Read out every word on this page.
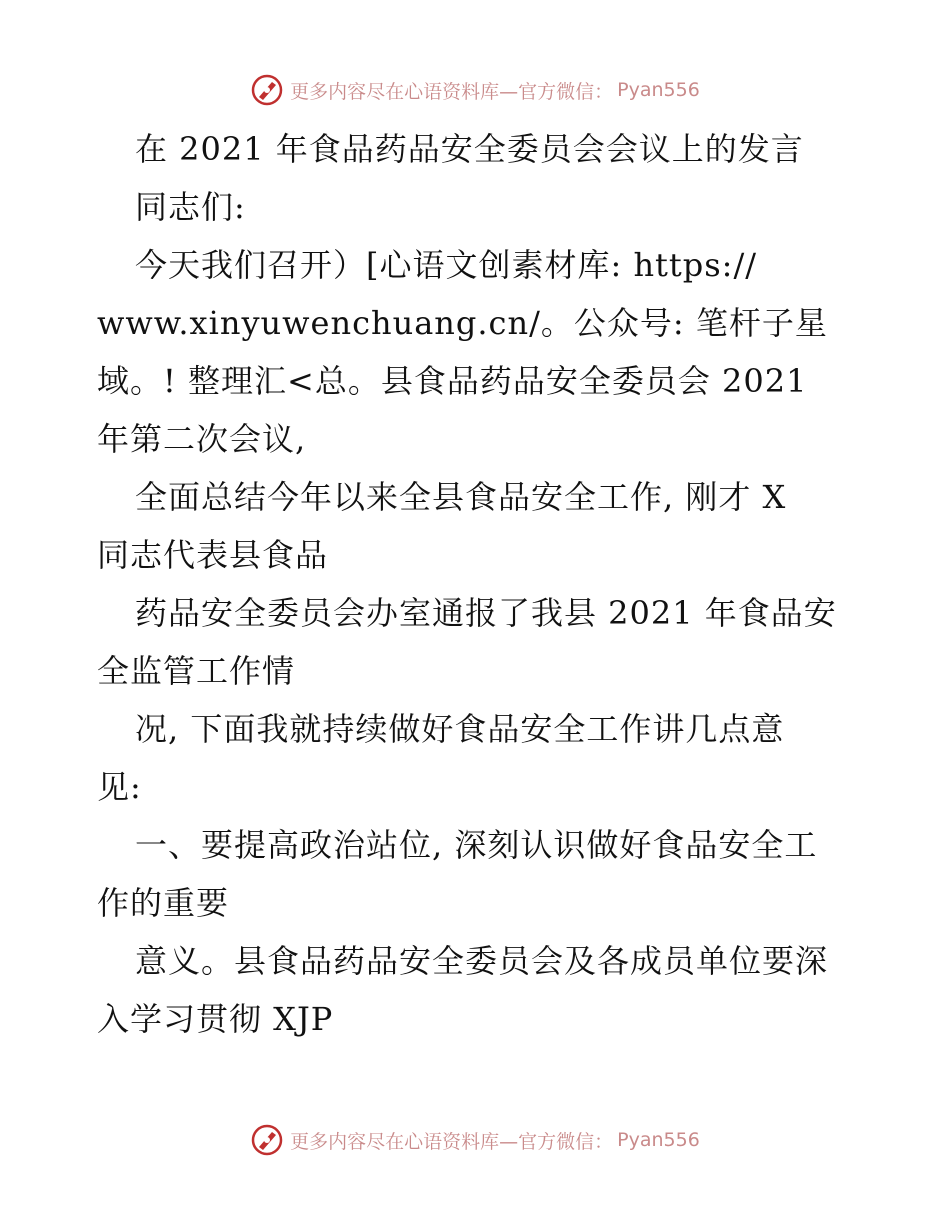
更多内容尽在心语资料库—官方微信： Pyan556
在 2021 年食品药品安全委员会会议上的发言
同志们:
今天我们召开）[心语文创素材库: https://
www.xinyuwenchuang.cn/。公众号: 笔杆子星
域。! 整理汇<总。县食品药品安全委员会 2021
年第二次会议,
全面总结今年以来全县食品安全工作, 刚才 X
同志代表县食品
药品安全委员会办室通报了我县 2021 年食品安
全监管工作情
况, 下面我就持续做好食品安全工作讲几点意
见:
一、要提高政治站位, 深刻认识做好食品安全工
作的重要
意义。县食品药品安全委员会及各成员单位要深
入学习贯彻 XJP
更多内容尽在心语资料库—官方微信： Pyan556
